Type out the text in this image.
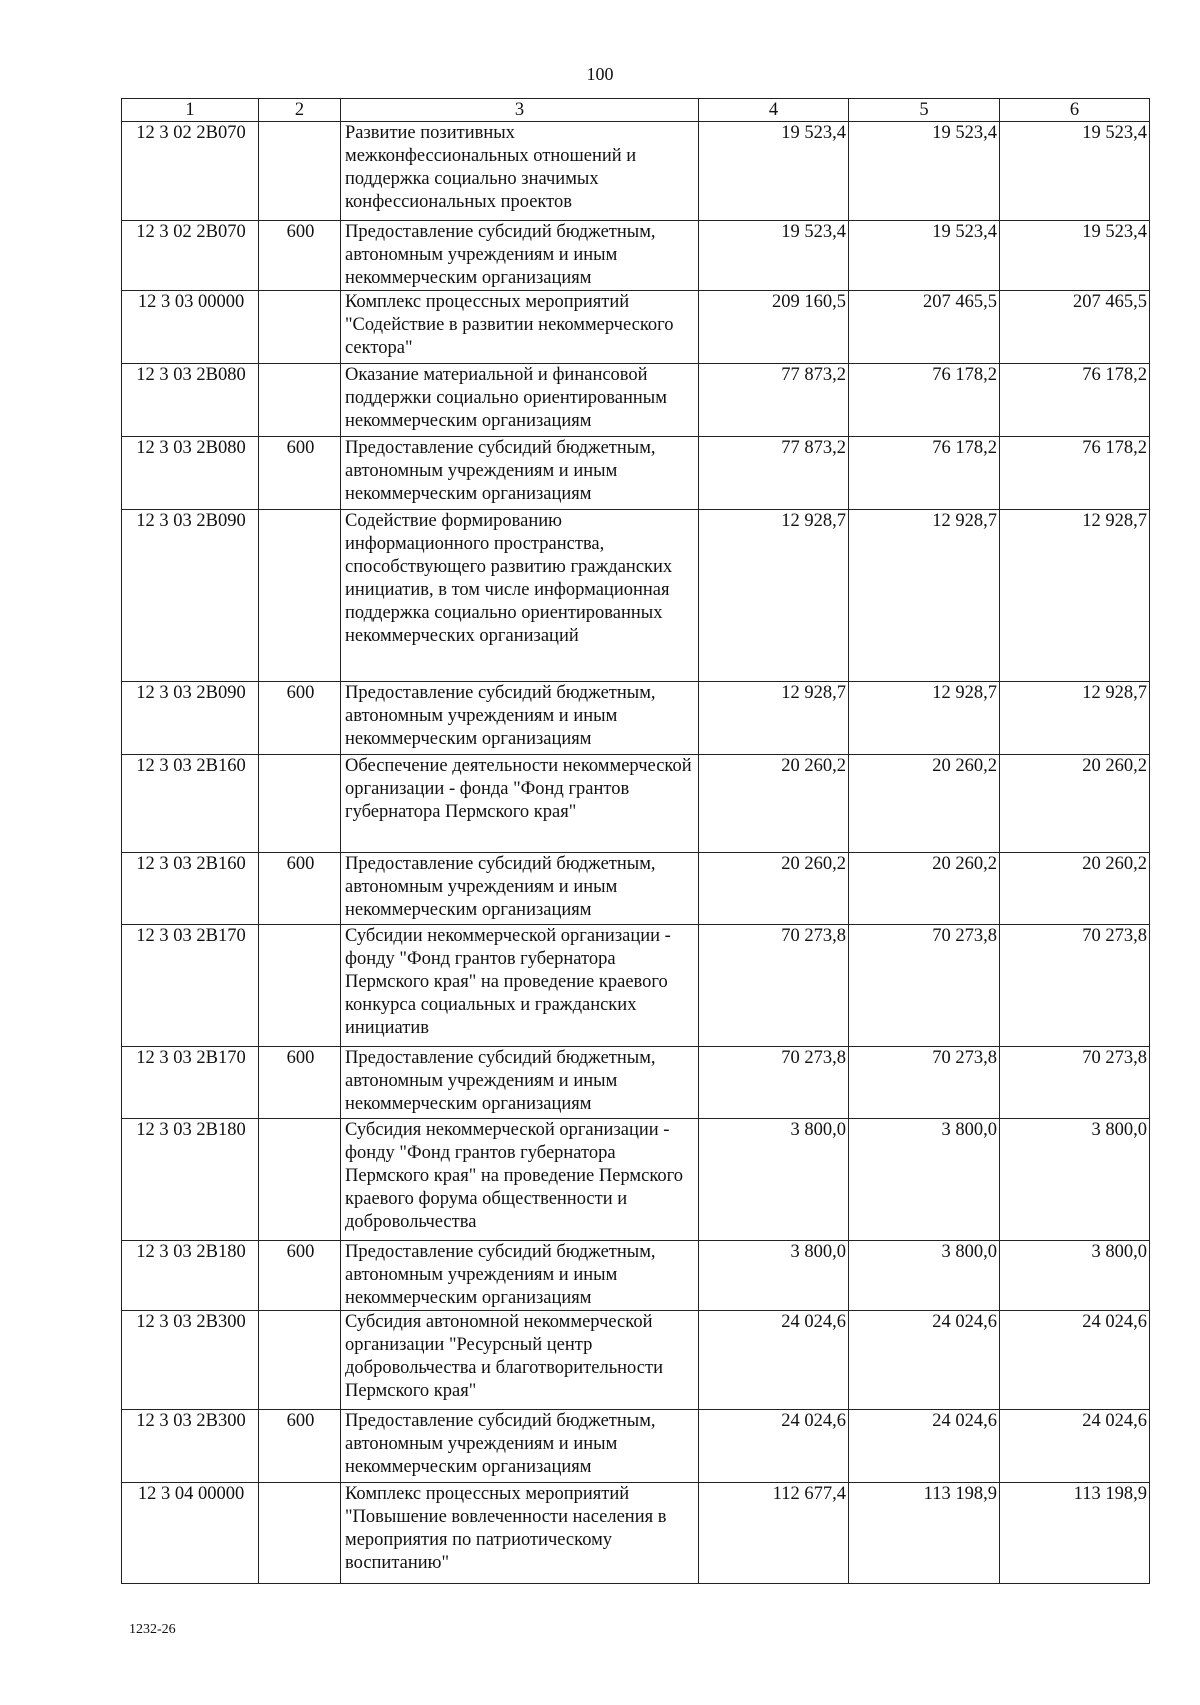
100
1	2	3	4	5	6
12 3 02 2В070		Развитие позитивных межконфессиональных отношений и поддержка социально значимых конфессиональных проектов	19 523,4	19 523,4	19 523,4
12 3 02 2В070	600	Предоставление субсидий бюджетным, автономным учреждениям и иным некоммерческим организациям	19 523,4	19 523,4	19 523,4
12 3 03 00000		Комплекс процессных мероприятий "Содействие в развитии некоммерческого сектора"	209 160,5	207 465,5	207 465,5
12 3 03 2В080		Оказание материальной и финансовой поддержки социально ориентированным некоммерческим организациям	77 873,2	76 178,2	76 178,2
12 3 03 2В080	600	Предоставление субсидий бюджетным, автономным учреждениям и иным некоммерческим организациям	77 873,2	76 178,2	76 178,2
12 3 03 2В090		Содействие формированию информационного пространства, способствующего развитию гражданских инициатив, в том числе информационная поддержка социально ориентированных некоммерческих организаций	12 928,7	12 928,7	12 928,7
12 3 03 2В090	600	Предоставление субсидий бюджетным, автономным учреждениям и иным некоммерческим организациям	12 928,7	12 928,7	12 928,7
12 3 03 2В160		Обеспечение деятельности некоммерческой организации - фонда "Фонд грантов губернатора Пермского края"	20 260,2	20 260,2	20 260,2
12 3 03 2В160	600	Предоставление субсидий бюджетным, автономным учреждениям и иным некоммерческим организациям	20 260,2	20 260,2	20 260,2
12 3 03 2В170		Субсидии некоммерческой организации - фонду "Фонд грантов губернатора Пермского края" на проведение краевого конкурса социальных и гражданских инициатив	70 273,8	70 273,8	70 273,8
12 3 03 2В170	600	Предоставление субсидий бюджетным, автономным учреждениям и иным некоммерческим организациям	70 273,8	70 273,8	70 273,8
12 3 03 2В180		Субсидия некоммерческой организации - фонду "Фонд грантов губернатора Пермского края" на проведение Пермского краевого форума общественности и добровольчества	3 800,0	3 800,0	3 800,0
12 3 03 2В180	600	Предоставление субсидий бюджетным, автономным учреждениям и иным некоммерческим организациям	3 800,0	3 800,0	3 800,0
12 3 03 2В300		Субсидия автономной некоммерческой организации "Ресурсный центр добровольчества и благотворительности Пермского края"	24 024,6	24 024,6	24 024,6
12 3 03 2В300	600	Предоставление субсидий бюджетным, автономным учреждениям и иным некоммерческим организациям	24 024,6	24 024,6	24 024,6
12 3 04 00000		Комплекс процессных мероприятий "Повышение вовлеченности населения в мероприятия по патриотическому воспитанию"	112 677,4	113 198,9	113 198,9
1232-26
